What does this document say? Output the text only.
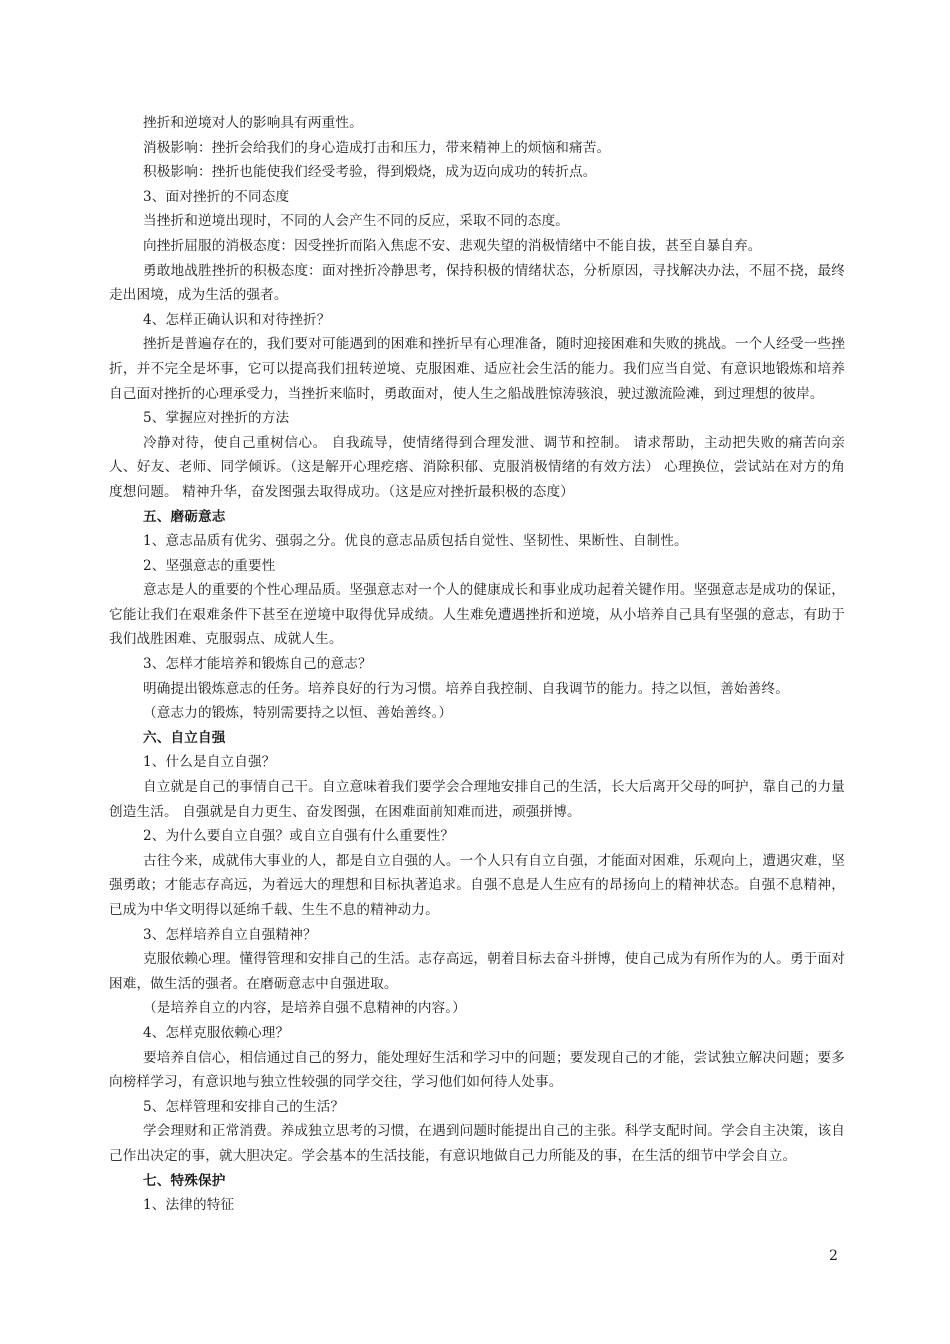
挫折和逆境对人的影响具有两重性。

消极影响：挫折会给我们的身心造成打击和压力，带来精神上的烦恼和痛苦。

积极影响：挫折也能使我们经受考验，得到煅烧，成为迈向成功的转折点。

3、面对挫折的不同态度

当挫折和逆境出现时，不同的人会产生不同的反应，采取不同的态度。

向挫折屈服的消极态度：因受挫折而陷入焦虑不安、悲观失望的消极情绪中不能自拔，甚至自暴自弃。

勇敢地战胜挫折的积极态度：面对挫折冷静思考，保持积极的情绪状态，分析原因，寻找解决办法，不屈不挠，最终走出困境，成为生活的强者。

4、怎样正确认识和对待挫折？

挫折是普遍存在的，我们要对可能遇到的困难和挫折早有心理准备，随时迎接困难和失败的挑战。一个人经受一些挫折，并不完全是坏事，它可以提高我们扭转逆境、克服困难、适应社会生活的能力。我们应当自觉、有意识地锻炼和培养自己面对挫折的心理承受力，当挫折来临时，勇敢面对，使人生之船战胜惊涛骇浪，驶过激流险滩，到过理想的彼岸。

5、掌握应对挫折的方法

冷静对待，使自己重树信心。 自我疏导，使情绪得到合理发泄、调节和控制。 请求帮助，主动把失败的痛苦向亲人、好友、老师、同学倾诉。（这是解开心理疙瘩、消除积郁、克服消极情绪的有效方法） 心理换位，尝试站在对方的角度想问题。 精神升华，奋发图强去取得成功。（这是应对挫折最积极的态度）

五、磨砺意志

1、意志品质有优劣、强弱之分。优良的意志品质包括自觉性、坚韧性、果断性、自制性。

2、坚强意志的重要性

意志是人的重要的个性心理品质。坚强意志对一个人的健康成长和事业成功起着关键作用。坚强意志是成功的保证，它能让我们在艰难条件下甚至在逆境中取得优异成绩。人生难免遭遇挫折和逆境，从小培养自己具有坚强的意志，有助于我们战胜困难、克服弱点、成就人生。

3、怎样才能培养和锻炼自己的意志？

明确提出锻炼意志的任务。培养良好的行为习惯。培养自我控制、自我调节的能力。持之以恒，善始善终。

（意志力的锻炼，特别需要持之以恒、善始善终。）

六、自立自强

1、什么是自立自强？

自立就是自己的事情自己干。自立意味着我们要学会合理地安排自己的生活，长大后离开父母的呵护，靠自己的力量创造生活。 自强就是自力更生、奋发图强，在困难面前知难而进，顽强拼博。

2、为什么要自立自强？或自立自强有什么重要性？

古往今来，成就伟大事业的人，都是自立自强的人。一个人只有自立自强，才能面对困难，乐观向上，遭遇灾难，坚强勇敢；才能志存高远，为着远大的理想和目标执著追求。自强不息是人生应有的昂扬向上的精神状态。自强不息精神，已成为中华文明得以延绵千载、生生不息的精神动力。

3、怎样培养自立自强精神？

克服依赖心理。懂得管理和安排自己的生活。志存高远，朝着目标去奋斗拼博，使自己成为有所作为的人。勇于面对困难，做生活的强者。在磨砺意志中自强进取。

（是培养自立的内容，是培养自强不息精神的内容。）

4、怎样克服依赖心理？

要培养自信心，相信通过自己的努力，能处理好生活和学习中的问题；要发现自己的才能，尝试独立解决问题；要多向榜样学习，有意识地与独立性较强的同学交往，学习他们如何待人处事。

5、怎样管理和安排自己的生活？

学会理财和正常消费。养成独立思考的习惯，在遇到问题时能提出自己的主张。科学支配时间。学会自主决策，该自己作出决定的事，就大胆决定。学会基本的生活技能，有意识地做自己力所能及的事，在生活的细节中学会自立。

七、特殊保护

1、法律的特征

2
